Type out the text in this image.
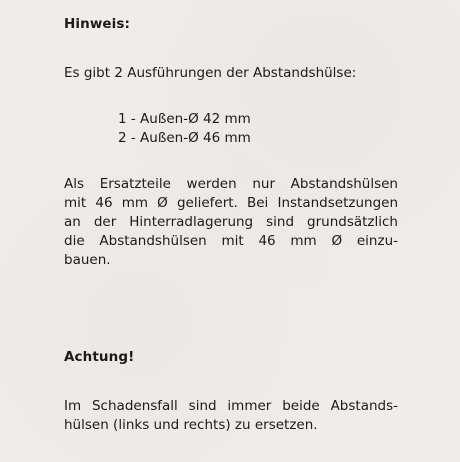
Hinweis:
Es gibt 2 Ausführungen der Abstandshülse:
1 - Außen-Ø 42 mm
2 - Außen-Ø 46 mm
Als Ersatzteile werden nur Abstandshülsen
mit 46 mm Ø geliefert. Bei Instandsetzungen
an der Hinterradlagerung sind grundsätzlich
die Abstandshülsen mit 46 mm Ø einzu-
bauen.
Achtung!
Im Schadensfall sind immer beide Abstands-
hülsen (links und rechts) zu ersetzen.
